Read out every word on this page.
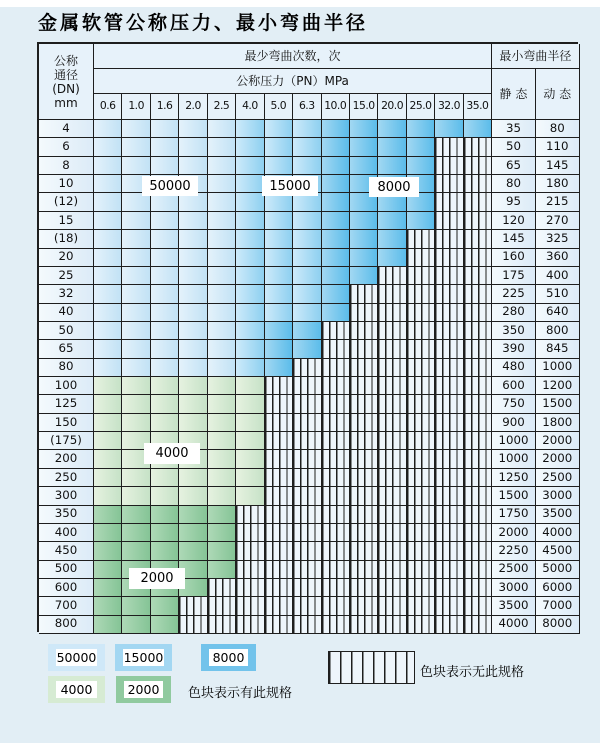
金属软管公称压力、最小弯曲半径
公称
通径
(DN)
mm
最少弯曲次数，次	最小弯曲半径
公称压力（PN）MPa
静 态	动 态
0.6	1.0	1.6	2.0	2.5	4.0	5.0	6.3 10.0 15.0 20.0 25.0 32.0 35.0
4	35	80
6	50	110
8	65	145
10	80	180
(12)	95	215
15	120	270
(18)	145	325
20	160	360
25	175	400
32	225	510
40	280	640
50	350	800
65	390	845
80	480	1000
100	600	1200
125	750	1500
150	900	1800
(175)	1000	2000
200	1000	2000
250	1250	2500
300	1500	3000
350	1750	3500
400	2000	4000
450	2250	4500
500	2500	5000
600	3000	6000
700	3500	7000
800	4000	8000
50000	15000	8000
4000
2000
50000 15000	8000
4000	2000 色块表示有此规格
色块表示无此规格
